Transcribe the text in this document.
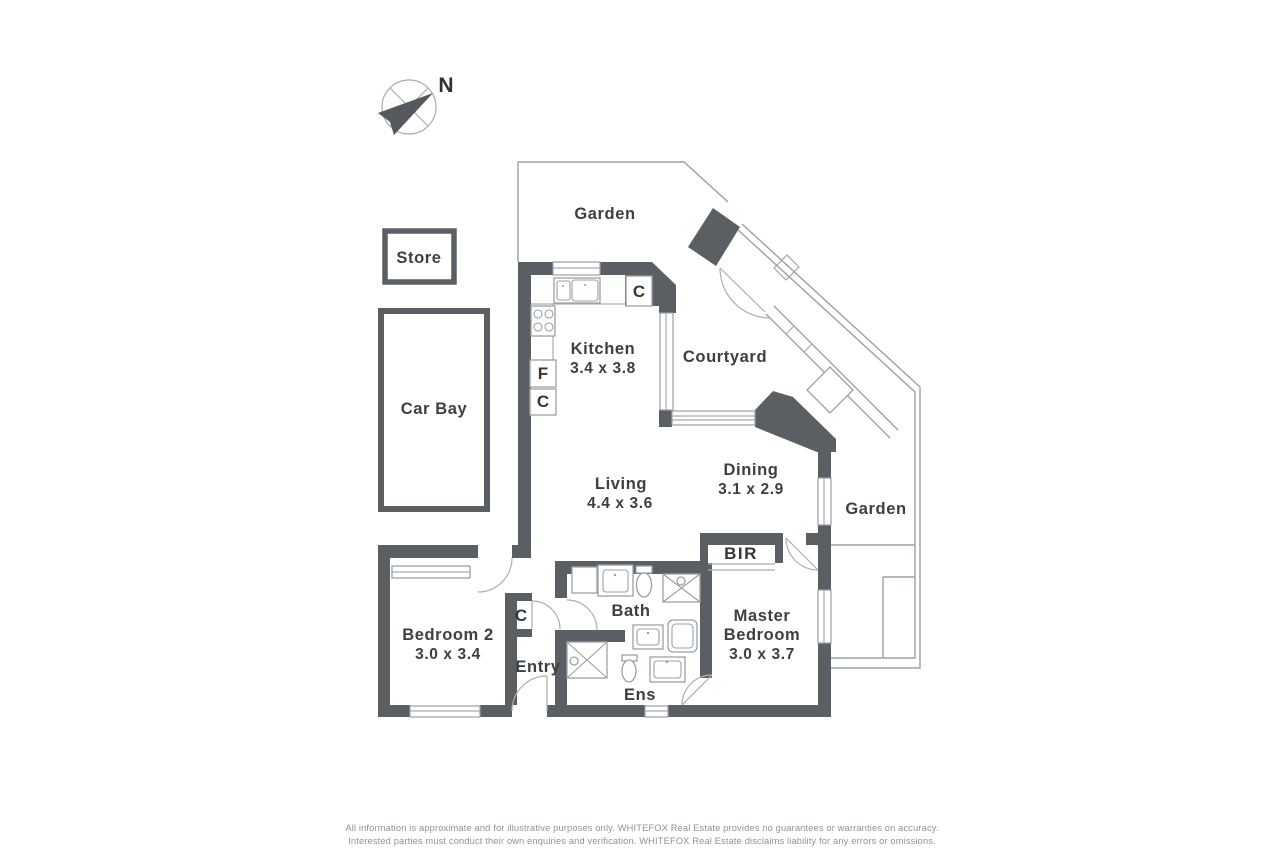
N
Store
Car Bay
C
F
C
C
BIR
Garden
Kitchen
3.4 x 3.8
Courtyard
Dining
3.1 x 2.9
Living
4.4 x 3.6	Garden
Bedroom 2
3.0 x 3.4
Entry
Bath
Ens
Master
Bedroom
3.0 x 3.7
All information is approximate and for illustrative purposes only. WHITEFOX Real Estate provides no guarantees or warranties on accuracy.
Interested parties must conduct their own enquiries and verification. WHITEFOX Real Estate disclaims liability for any errors or omissions.
